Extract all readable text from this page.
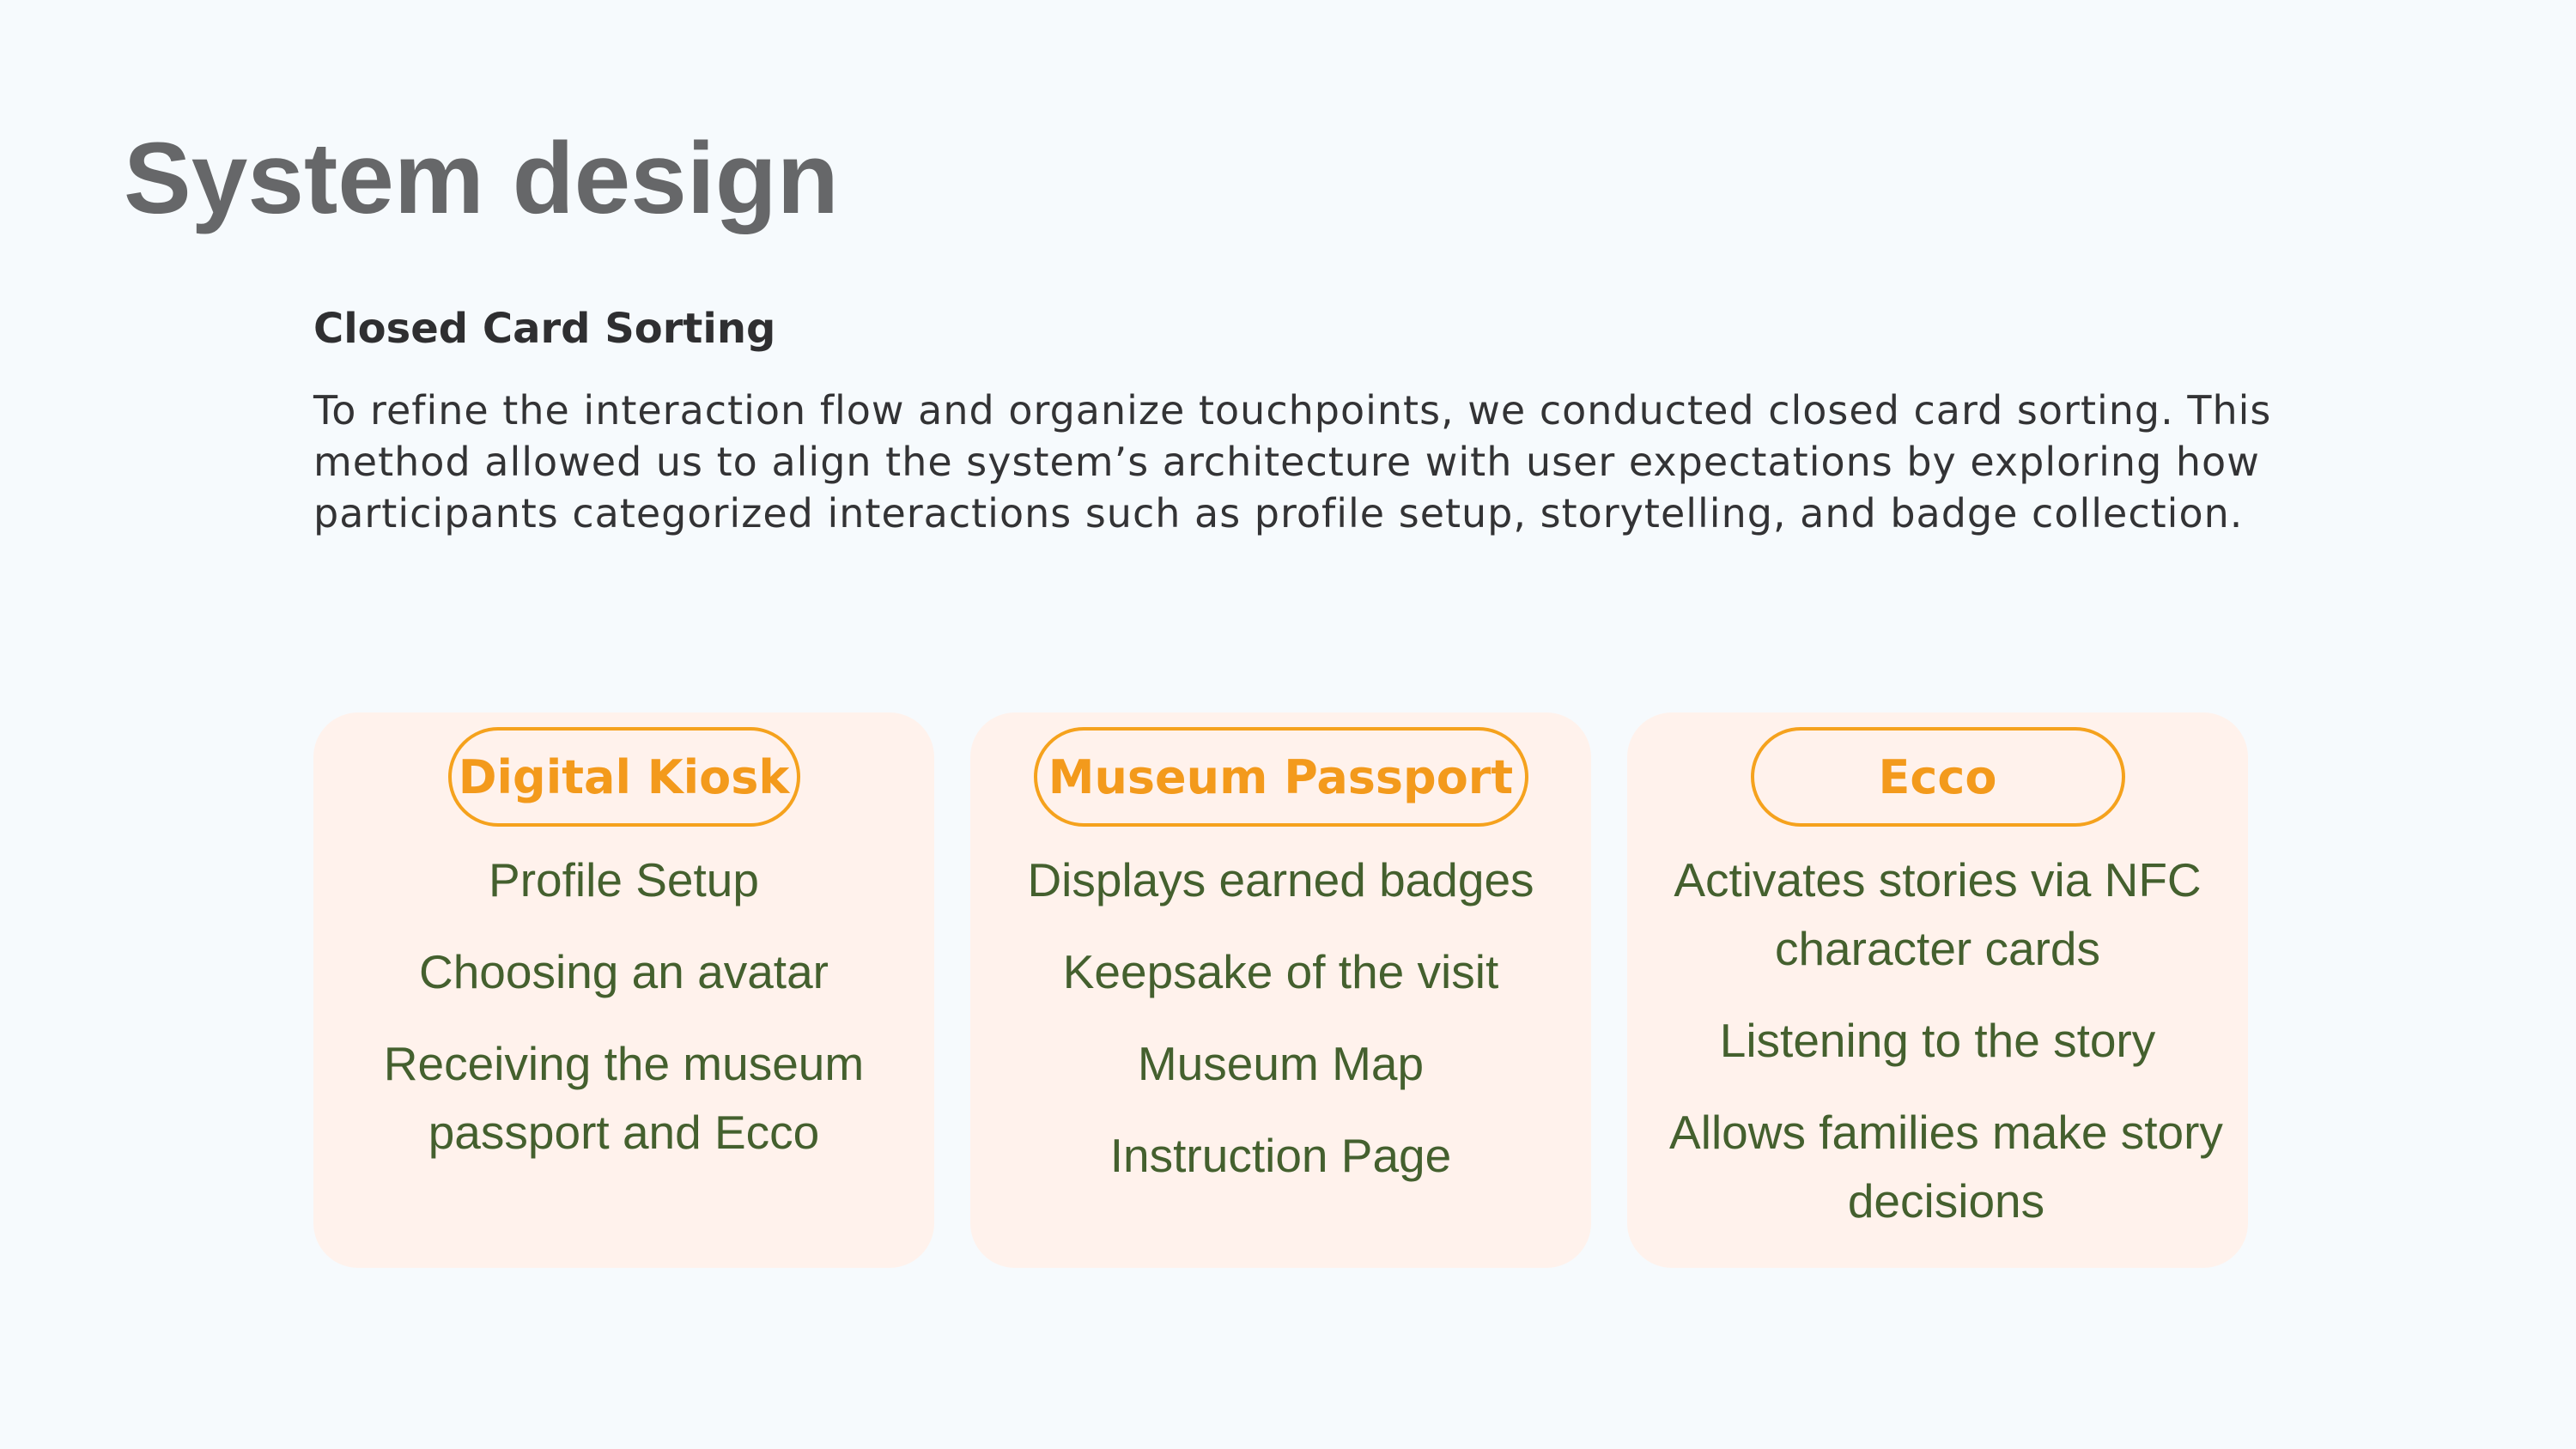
System design
Closed Card Sorting

To refine the interaction flow and organize touchpoints, we conducted closed card sorting. This method allowed us to align the system’s architecture with user expectations by exploring how participants categorized interactions such as profile setup, storytelling, and badge collection.

Digital Kiosk
Profile Setup
Choosing an avatar
Receiving the museum passport and Ecco
Museum Passport
Displays earned badges
Keepsake of the visit
Museum Map
Instruction Page
Ecco
Activates stories via NFC character cards
Listening to the story
Allows families make story decisions
